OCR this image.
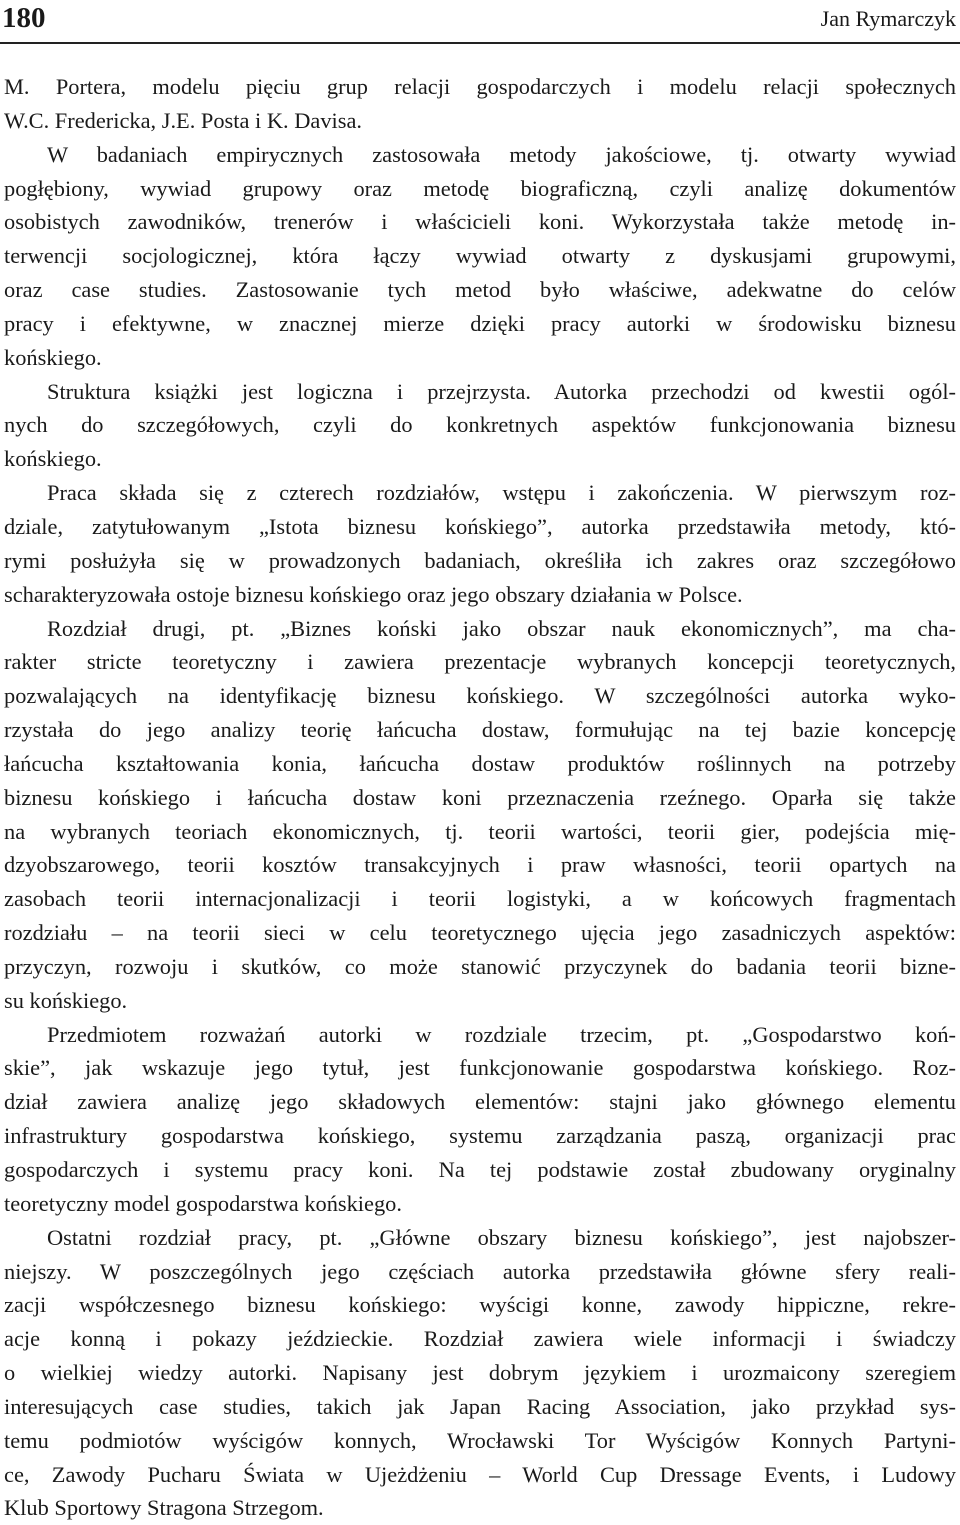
180	Jan Rymarczyk
M. Portera, modelu pięciu grup relacji gospodarczych i modelu relacji społecznych
W.C. Fredericka, J.E. Posta i K. Davisa.
W badaniach empirycznych zastosowała metody jakościowe, tj. otwarty wywiad
pogłębiony, wywiad grupowy oraz metodę biograficzną, czyli analizę dokumentów
osobistych zawodników, trenerów i właścicieli koni. Wykorzystała także metodę in-
terwencji socjologicznej, która łączy wywiad otwarty z dyskusjami grupowymi,
oraz case studies. Zastosowanie tych metod było właściwe, adekwatne do celów
pracy i efektywne, w znacznej mierze dzięki pracy autorki w środowisku biznesu
końskiego.
Struktura książki jest logiczna i przejrzysta. Autorka przechodzi od kwestii ogól-
nych do szczegółowych, czyli do konkretnych aspektów funkcjonowania biznesu
końskiego.
Praca składa się z czterech rozdziałów, wstępu i zakończenia. W pierwszym roz-
dziale, zatytułowanym „Istota biznesu końskiego”, autorka przedstawiła metody, któ-
rymi posłużyła się w prowadzonych badaniach, określiła ich zakres oraz szczegółowo
scharakteryzowała ostoje biznesu końskiego oraz jego obszary działania w Polsce.
Rozdział drugi, pt. „Biznes koński jako obszar nauk ekonomicznych”, ma cha-
rakter stricte teoretyczny i zawiera prezentacje wybranych koncepcji teoretycznych,
pozwalających na identyfikację biznesu końskiego. W szczególności autorka wyko-
rzystała do jego analizy teorię łańcucha dostaw, formułując na tej bazie koncepcję
łańcucha kształtowania konia, łańcucha dostaw produktów roślinnych na potrzeby
biznesu końskiego i łańcucha dostaw koni przeznaczenia rzeźnego. Oparła się także
na wybranych teoriach ekonomicznych, tj. teorii wartości, teorii gier, podejścia mię-
dzyobszarowego, teorii kosztów transakcyjnych i praw własności, teorii opartych na
zasobach teorii internacjonalizacji i teorii logistyki, a w końcowych fragmentach
rozdziału – na teorii sieci w celu teoretycznego ujęcia jego zasadniczych aspektów:
przyczyn, rozwoju i skutków, co może stanowić przyczynek do badania teorii bizne-
su końskiego.
Przedmiotem rozważań autorki w rozdziale trzecim, pt. „Gospodarstwo koń-
skie”, jak wskazuje jego tytuł, jest funkcjonowanie gospodarstwa końskiego. Roz-
dział zawiera analizę jego składowych elementów: stajni jako głównego elementu
infrastruktury gospodarstwa końskiego, systemu zarządzania paszą, organizacji prac
gospodarczych i systemu pracy koni. Na tej podstawie został zbudowany oryginalny
teoretyczny model gospodarstwa końskiego.
Ostatni rozdział pracy, pt. „Główne obszary biznesu końskiego”, jest najobszer-
niejszy. W poszczególnych jego częściach autorka przedstawiła główne sfery reali-
zacji współczesnego biznesu końskiego: wyścigi konne, zawody hippiczne, rekre-
acje konną i pokazy jeździeckie. Rozdział zawiera wiele informacji i świadczy
o wielkiej wiedzy autorki. Napisany jest dobrym językiem i urozmaicony szeregiem
interesujących case studies, takich jak Japan Racing Association, jako przykład sys-
temu podmiotów wyścigów konnych, Wrocławski Tor Wyścigów Konnych Partyni-
ce, Zawody Pucharu Świata w Ujeżdżeniu – World Cup Dressage Events, i Ludowy
Klub Sportowy Stragona Strzegom.
